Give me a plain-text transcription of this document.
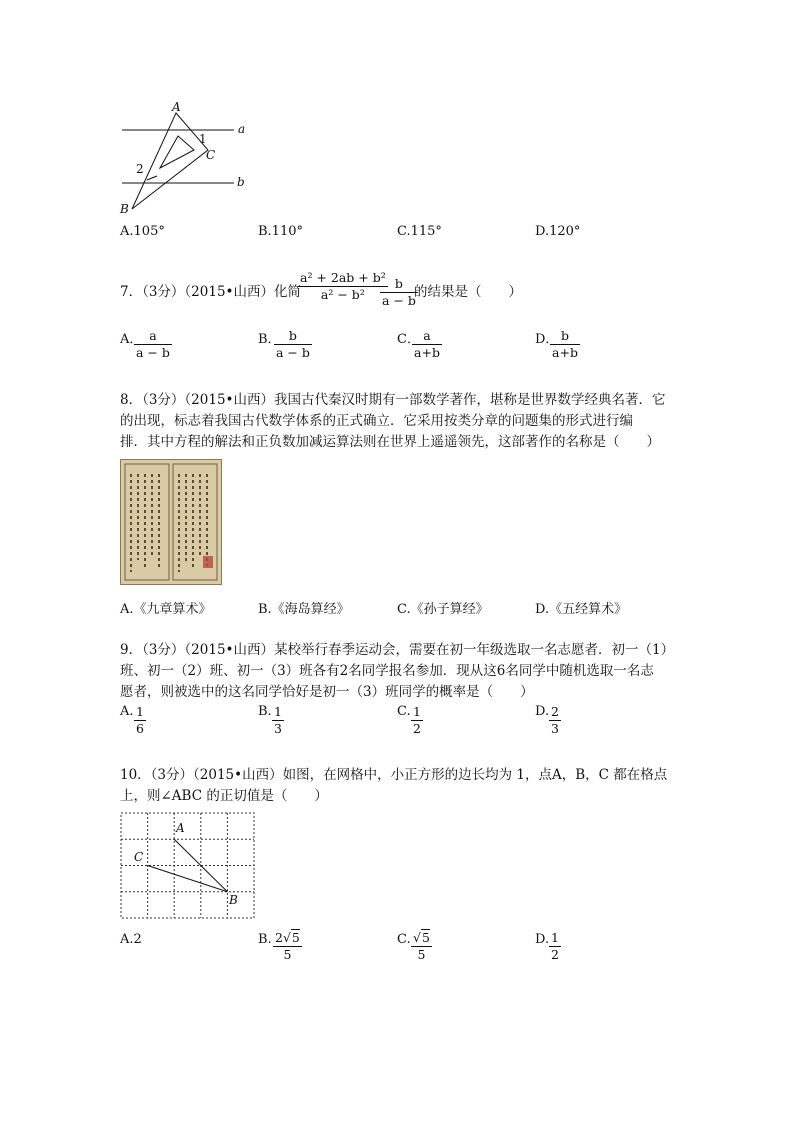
A
1
C
a
2
b
B
A.105°	B.110°	C.115°	D.120°
7．（3分）（2015•山西）化简
$\frac{\text{a² + 2ab + b²}}{\text{a² − b²}}$
$\frac{b}{a - b}$
的结果是（　　）
A．
$\frac{a}{a - b}$	B．
$\frac{b}{a - b}$	C．
$\frac{a}{a+b}$	D．
$\frac{b}{a+b}$
8．（3分）（2015•山西）我国古代秦汉时期有一部数学著作，堪称是世界数学经典名著．它
的出现，标志着我国古代数学体系的正式确立．它采用按类分章的问题集的形式进行编
排．其中方程的解法和正负数加减运算法则在世界上遥遥领先，这部著作的名称是（　　）
A.《九章算术》	B.《海岛算经》	C.《孙子算经》	D.《五经算术》
9．（3分）（2015•山西）某校举行春季运动会，需要在初一年级选取一名志愿者．初一（1）
班、初一（2）班、初一（3）班各有2名同学报名参加．现从这6名同学中随机选取一名志
愿者，则被选中的这名同学恰好是初一（3）班同学的概率是（　　）
A. $\frac{1}{6}$	B. $\frac{1}{3}$	C. $\frac{1}{2}$	D. $\frac{2}{3}$
10．（3分）（2015•山西）如图，在网格中，小正方形的边长均为 1，点A，B，C 都在格点
上，则∠ABC 的正切值是（　　）
A
C
B
A.2	B. $\frac{2√5}{5}$	C. $\frac{√5}{5}$	D. $\frac{1}{2}$
